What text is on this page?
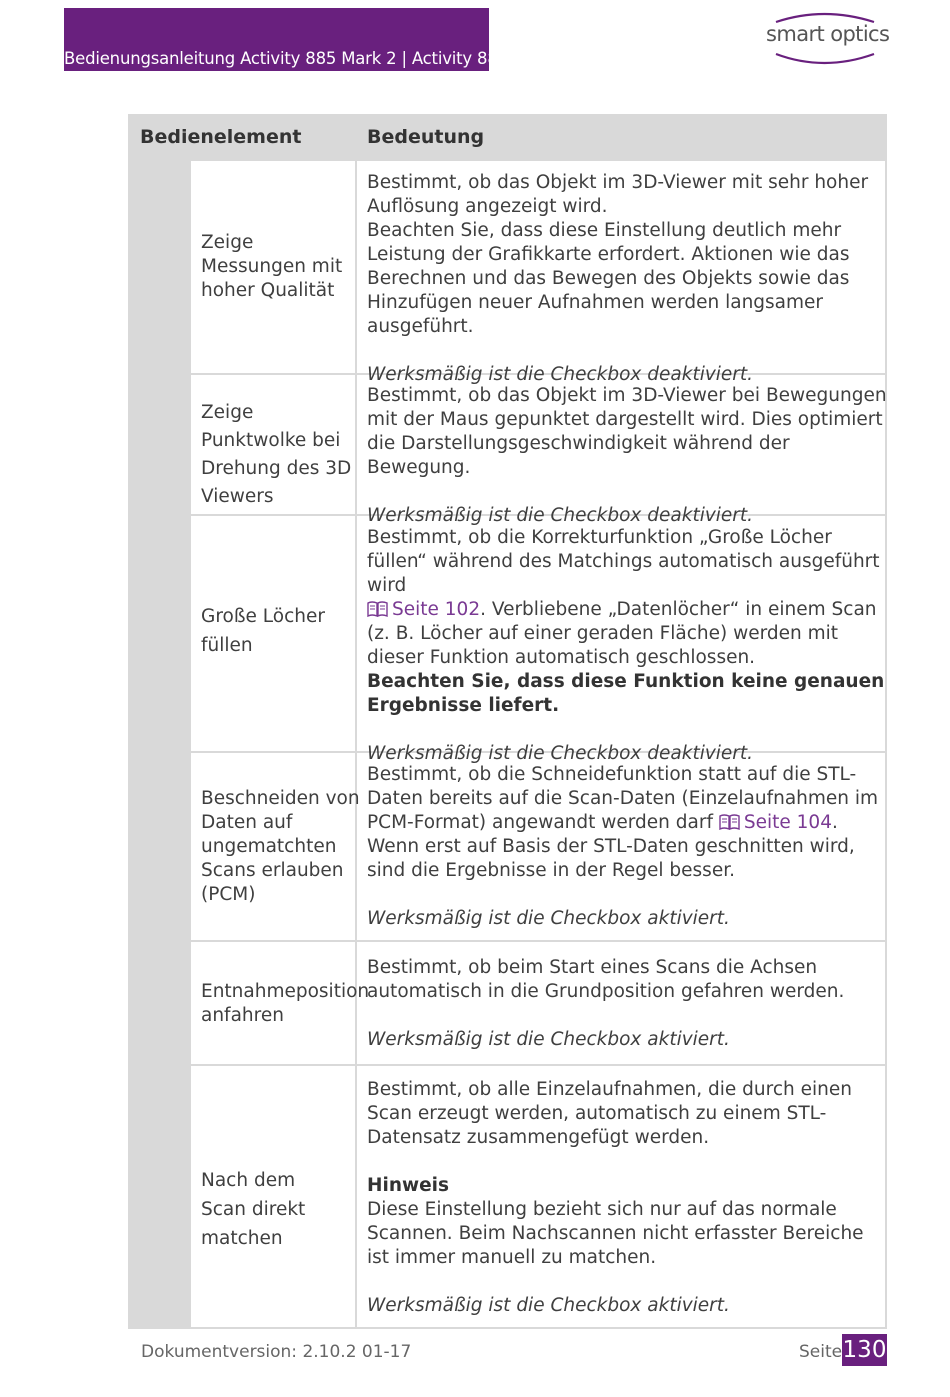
Bedienungsanleitung Activity 885 Mark 2 | Activity 888
smart optics
Bedienelement	Bedeutung
Zeige Messungen mit hoher Qualität

Bestimmt, ob das Objekt im 3D-Viewer mit sehr hoher Auflösung angezeigt wird.

Beachten Sie, dass diese Einstellung deutlich mehr Leistung der Grafikkarte erfordert. Aktionen wie das Berechnen und das Bewegen des Objekts sowie das Hinzufügen neuer Aufnahmen werden langsamer ausgeführt.

Werksmäßig ist die Checkbox deaktiviert.

Zeige Punktwolke bei Drehung des 3D Viewers

Bestimmt, ob das Objekt im 3D-Viewer bei Bewegungen mit der Maus gepunktet dargestellt wird. Dies optimiert die Darstellungsgeschwindigkeit während der Bewegung.

Werksmäßig ist die Checkbox deaktiviert.

Große Löcher füllen

Bestimmt, ob die Korrekturfunktion „Große Löcher füllen“ während des Matchings automatisch ausgeführt wird
Seite 102. Verbliebene „Datenlöcher“ in einem Scan (z. B. Löcher auf einer geraden Fläche) werden mit dieser Funktion automatisch geschlossen.

Beachten Sie, dass diese Funktion keine genauen Ergebnisse liefert.

Werksmäßig ist die Checkbox deaktiviert.

Beschneiden von Daten auf ungematchten Scans erlauben (PCM)

Bestimmt, ob die Schneidefunktion statt auf die STL-Daten bereits auf die Scan-Daten (Einzelaufnahmen im PCM-Format) angewandt werden darf Seite 104.

Wenn erst auf Basis der STL-Daten geschnitten wird, sind die Ergebnisse in der Regel besser.

Werksmäßig ist die Checkbox aktiviert.

Entnahmeposition anfahren

Bestimmt, ob beim Start eines Scans die Achsen automatisch in die Grundposition gefahren werden.

Werksmäßig ist die Checkbox aktiviert.

Nach dem Scan direkt matchen

Bestimmt, ob alle Einzelaufnahmen, die durch einen Scan erzeugt werden, automatisch zu einem STL-Datensatz zusammengefügt werden.

Hinweis

Diese Einstellung bezieht sich nur auf das normale Scannen. Beim Nachscannen nicht erfasster Bereiche ist immer manuell zu matchen.

Werksmäßig ist die Checkbox aktiviert.

Dokumentversion: 2.10.2 01-17	Seite 130
